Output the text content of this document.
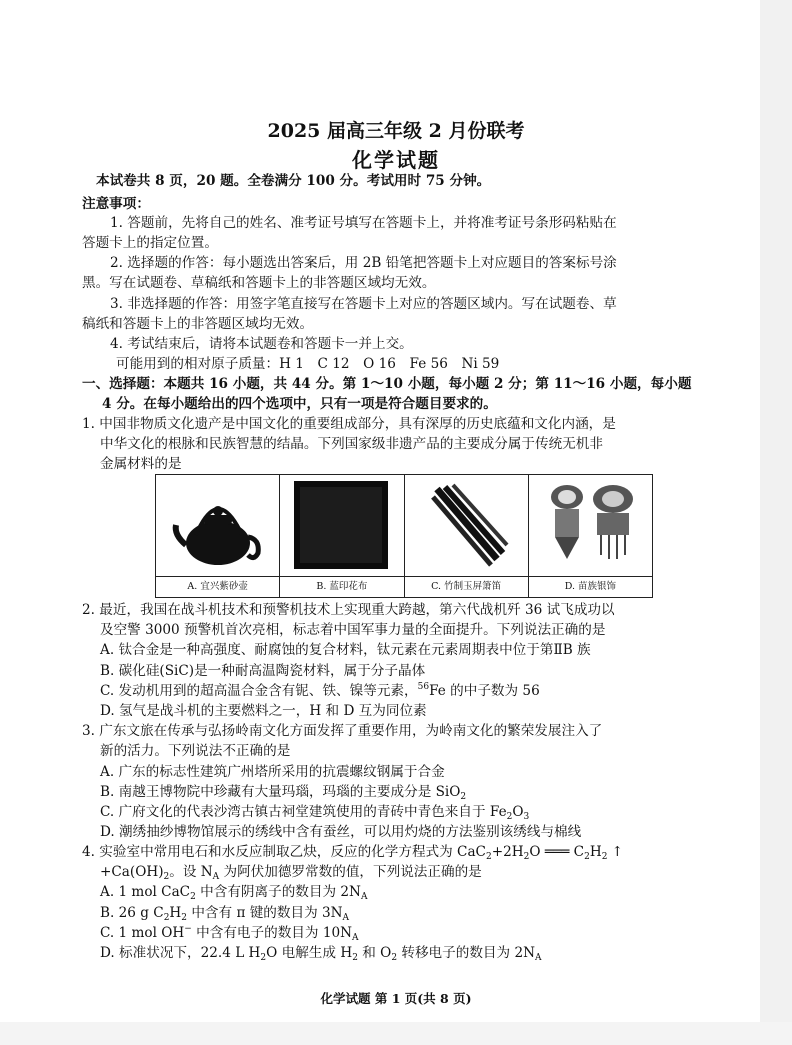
2025 届高三年级 2 月份联考
化学试题
本试卷共 8 页，20 题。全卷满分 100 分。考试用时 75 分钟。
注意事项：
1. 答题前，先将自己的姓名、准考证号填写在答题卡上，并将准考证号条形码粘贴在
答题卡上的指定位置。
2. 选择题的作答：每小题选出答案后，用 2B 铅笔把答题卡上对应题目的答案标号涂
黑。写在试题卷、草稿纸和答题卡上的非答题区域均无效。
3. 非选择题的作答：用签字笔直接写在答题卡上对应的答题区域内。写在试题卷、草
稿纸和答题卡上的非答题区域均无效。
4. 考试结束后，请将本试题卷和答题卡一并上交。
可能用到的相对原子质量：H 1　C 12　O 16　Fe 56　Ni 59
一、选择题：本题共 16 小题，共 44 分。第 1～10 小题，每小题 2 分；第 11～16 小题，每小题
4 分。在每小题给出的四个选项中，只有一项是符合题目要求的。
1. 中国非物质文化遗产是中国文化的重要组成部分，具有深厚的历史底蕴和文化内涵，是
中华文化的根脉和民族智慧的结晶。下列国家级非遗产品的主要成分属于传统无机非
金属材料的是
A. 宜兴紫砂壶	B. 蓝印花布	C. 竹制玉屏箫笛	D. 苗族银饰
2. 最近，我国在战斗机技术和预警机技术上实现重大跨越，第六代战机歼 36 试飞成功以
及空警 3000 预警机首次亮相，标志着中国军事力量的全面提升。下列说法正确的是
A. 钛合金是一种高强度、耐腐蚀的复合材料，钛元素在元素周期表中位于第ⅡB 族
B. 碳化硅(SiC)是一种耐高温陶瓷材料，属于分子晶体
C. 发动机用到的超高温合金含有铌、铁、镍等元素，$^{56}$Fe 的中子数为 56
D. 氢气是战斗机的主要燃料之一，H 和 D 互为同位素
3. 广东文旅在传承与弘扬岭南文化方面发挥了重要作用，为岭南文化的繁荣发展注入了
新的活力。下列说法不正确的是
A. 广东的标志性建筑广州塔所采用的抗震螺纹钢属于合金
B. 南越王博物院中珍藏有大量玛瑙，玛瑙的主要成分是 SiO$_2$
C. 广府文化的代表沙湾古镇古祠堂建筑使用的青砖中青色来自于 $Fe_2O_3$
D. 潮绣抽纱博物馆展示的绣线中含有蚕丝，可以用灼烧的方法鉴别该绣线与棉线
4. 实验室中常用电石和水反应制取乙炔，反应的化学方程式为 $CaC_2+2H_2O$ ═══ $C_2H_2$ ↑
$+Ca(OH)_2$。设 $N_A$ 为阿伏加德罗常数的值，下列说法正确的是
A. 1 mol CaC$_2$ 中含有阴离子的数目为 $2N_A$
B. 26 g $C_2H_2$ 中含有 π 键的数目为 $3N_A$
C. 1 mol OH− 中含有电子的数目为 $10N_A$
D. 标准状况下，22.4 L $H_2O$ 电解生成 $H_2$ 和 $O_2$ 转移电子的数目为 $2N_A$
化学试题 第 1 页(共 8 页)
